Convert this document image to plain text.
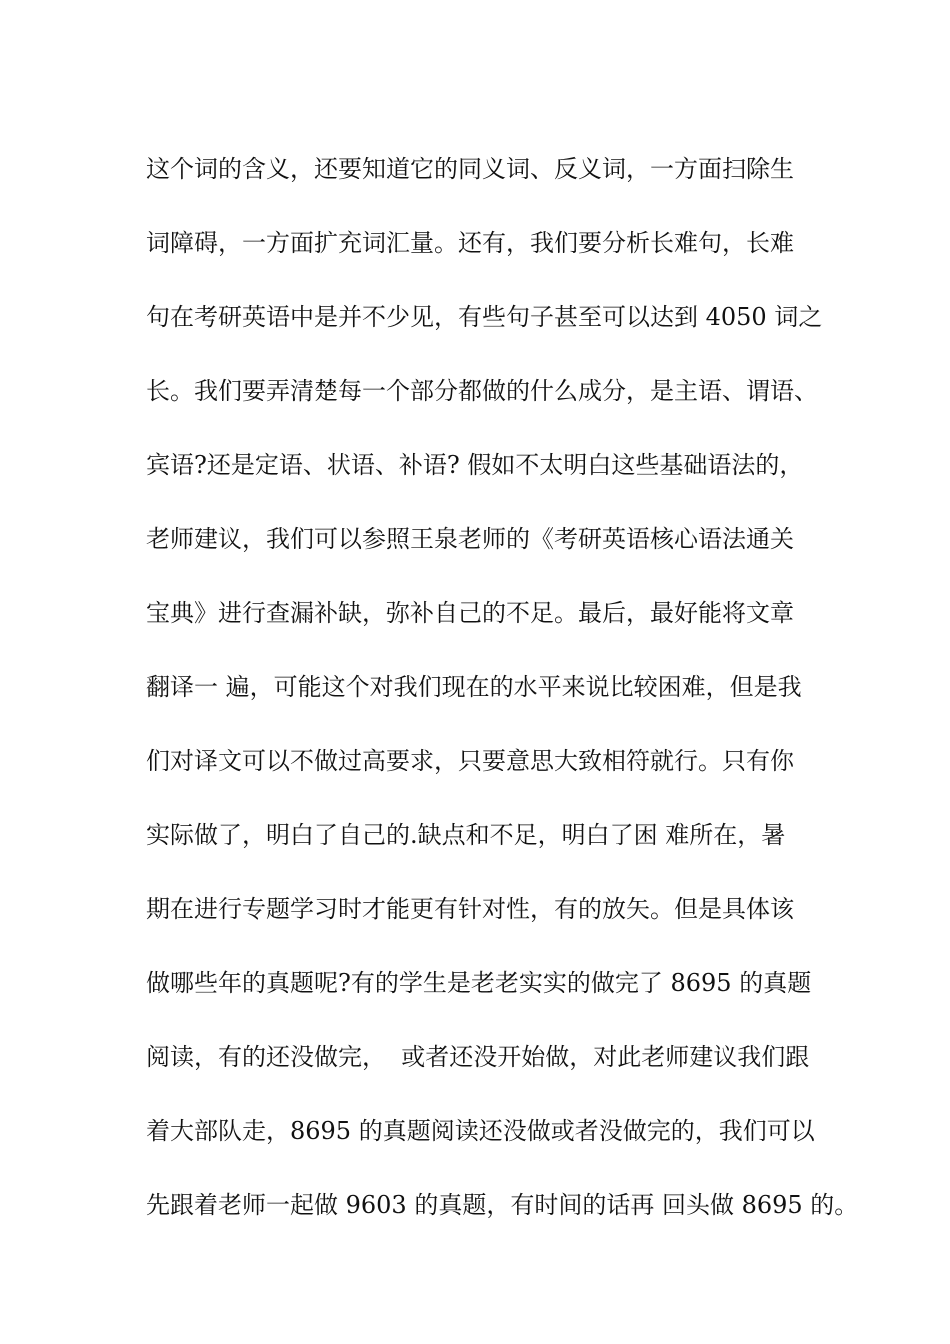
这个词的含义，还要知道它的同义词、反义词，一方面扫除生
词障碍，一方面扩充词汇量。还有，我们要分析长难句，长难
句在考研英语中是并不少见，有些句子甚至可以达到 4050 词之
长。我们要弄清楚每一个部分都做的什么成分，是主语、谓语、
宾语?还是定语、状语、补语? 假如不太明白这些基础语法的，
老师建议，我们可以参照王泉老师的《考研英语核心语法通关
宝典》进行查漏补缺，弥补自己的不足。最后，最好能将文章
翻译一 遍，可能这个对我们现在的水平来说比较困难，但是我
们对译文可以不做过高要求，只要意思大致相符就行。只有你
实际做了，明白了自己的.缺点和不足，明白了困 难所在，暑
期在进行专题学习时才能更有针对性，有的放矢。但是具体该
做哪些年的真题呢?有的学生是老老实实的做完了 8695 的真题
阅读，有的还没做完，  或者还没开始做，对此老师建议我们跟
着大部队走，8695 的真题阅读还没做或者没做完的，我们可以
先跟着老师一起做 9603 的真题，有时间的话再 回头做 8695 的。
